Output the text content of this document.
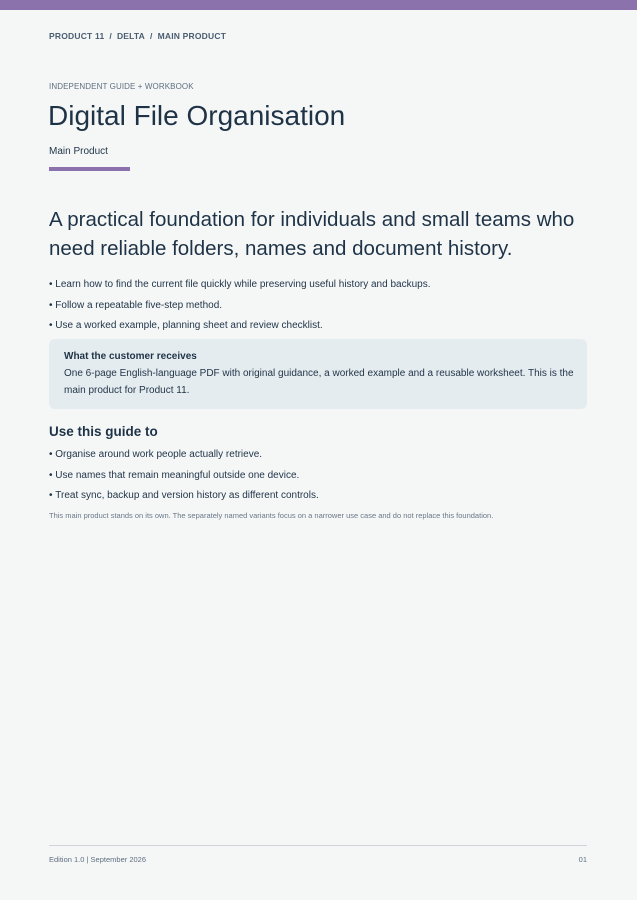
PRODUCT 11 / DELTA / MAIN PRODUCT
INDEPENDENT GUIDE + WORKBOOK
Digital File Organisation
Main Product

A practical foundation for individuals and small teams who need reliable folders, names and document history.

• Learn how to find the current file quickly while preserving useful history and backups.
• Follow a repeatable five-step method.
• Use a worked example, planning sheet and review checklist.
What the customer receives
One 6-page English-language PDF with original guidance, a worked example and a reusable worksheet. This is the main product for Product 11.
Use this guide to
• Organise around work people actually retrieve.
• Use names that remain meaningful outside one device.
• Treat sync, backup and version history as different controls.
This main product stands on its own. The separately named variants focus on a narrower use case and do not replace this foundation.
Edition 1.0 | September 2026	01
